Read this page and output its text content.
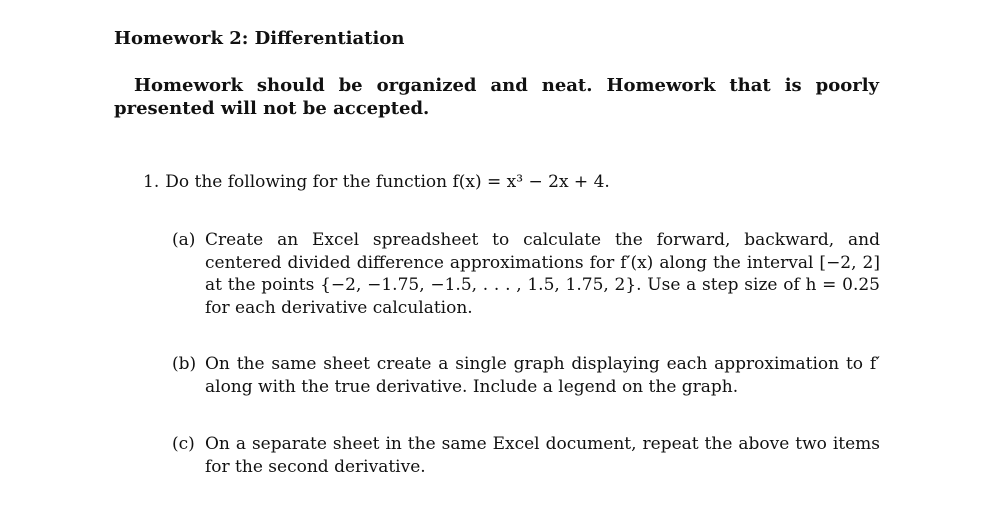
Homework 2: Differentiation
Homework should be organized and neat. Homework that is poorly presented will not be accepted.
1. Do the following for the function f(x) = x³ − 2x + 4.
(a) Create an Excel spreadsheet to calculate the forward, backward, and centered divided difference approximations for f′(x) along the interval [−2, 2] at the points {−2, −1.75, −1.5, . . . , 1.5, 1.75, 2}. Use a step size of h = 0.25 for each derivative calculation.
(b) On the same sheet create a single graph displaying each approximation to f′ along with the true derivative. Include a legend on the graph.
(c) On a separate sheet in the same Excel document, repeat the above two items for the second derivative.
